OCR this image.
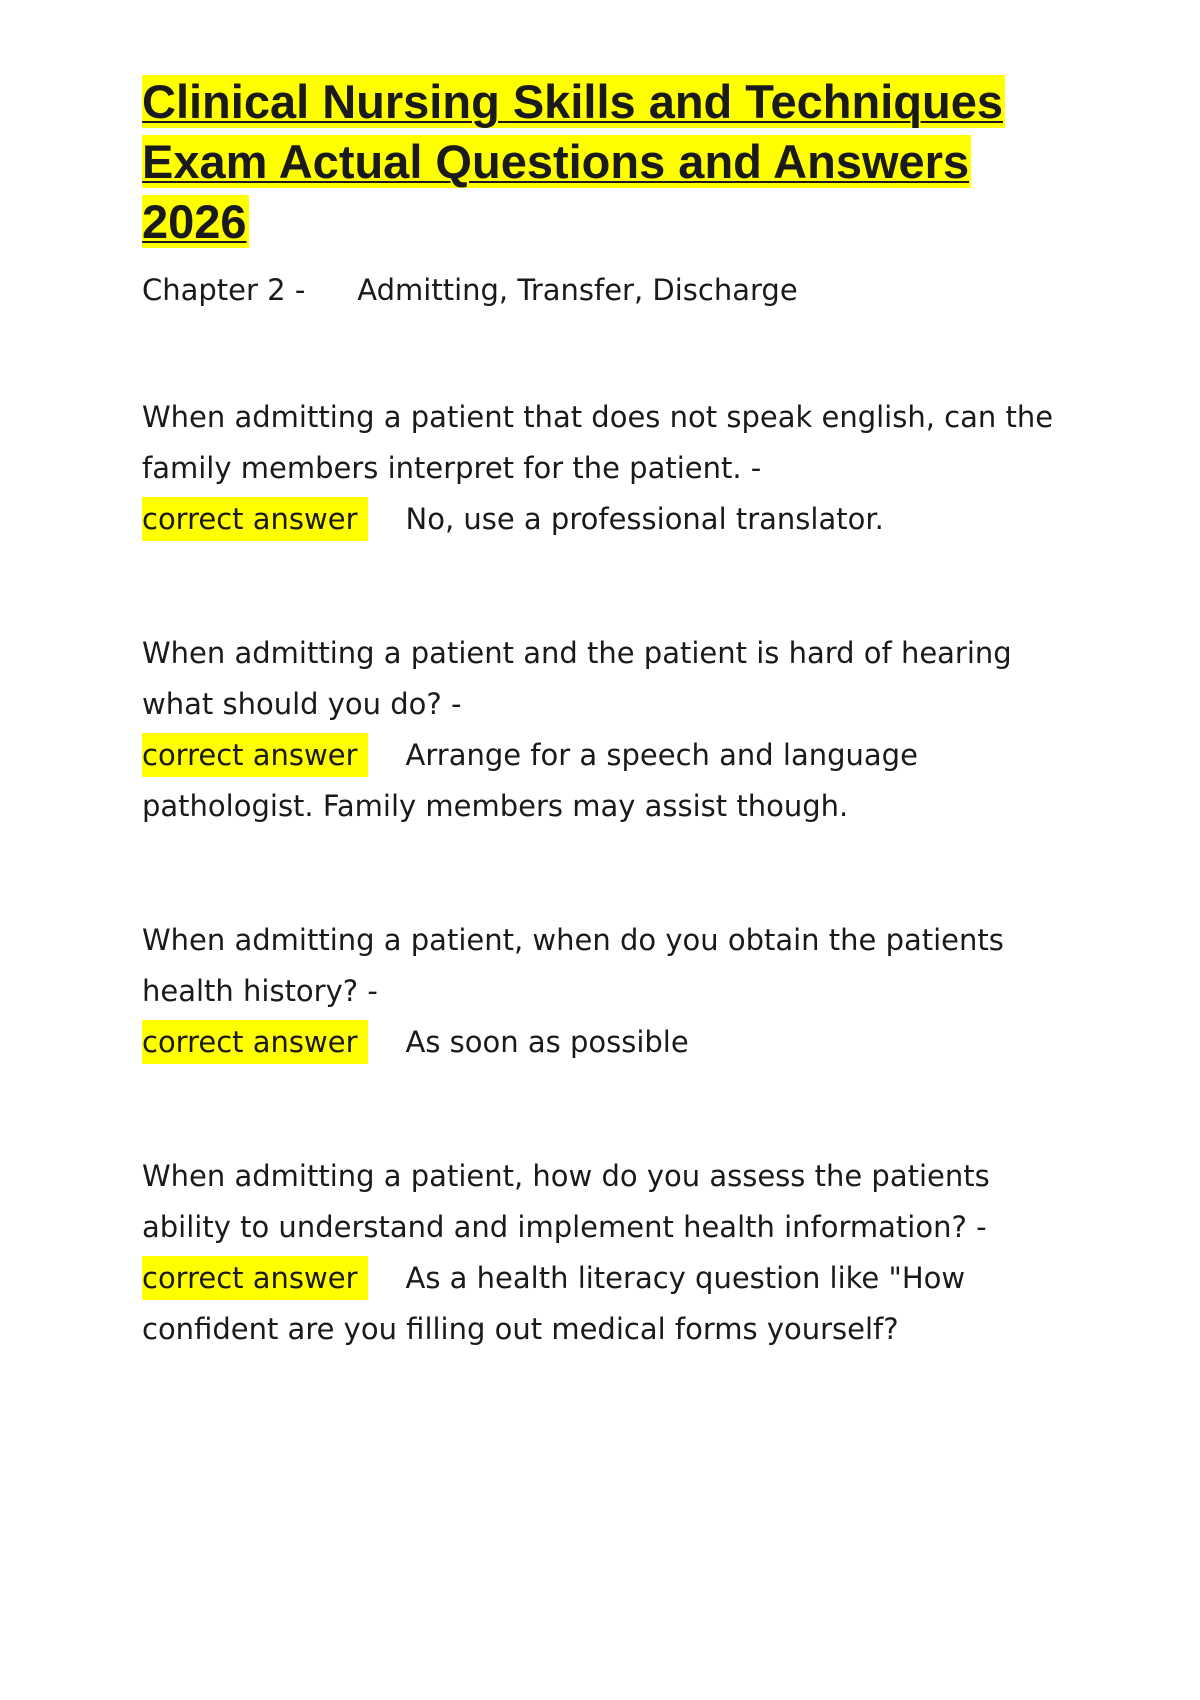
Clinical Nursing Skills and Techniques Exam Actual Questions and Answers 2026
Chapter 2 - Admitting, Transfer, Discharge
When admitting a patient that does not speak english, can the family members interpret for the patient. -
correct answer No, use a professional translator.
When admitting a patient and the patient is hard of hearing what should you do? -
correct answer Arrange for a speech and language pathologist. Family members may assist though.
When admitting a patient, when do you obtain the patients health history? -
correct answer As soon as possible
When admitting a patient, how do you assess the patients ability to understand and implement health information? -
correct answer As a health literacy question like "How confident are you filling out medical forms yourself?
